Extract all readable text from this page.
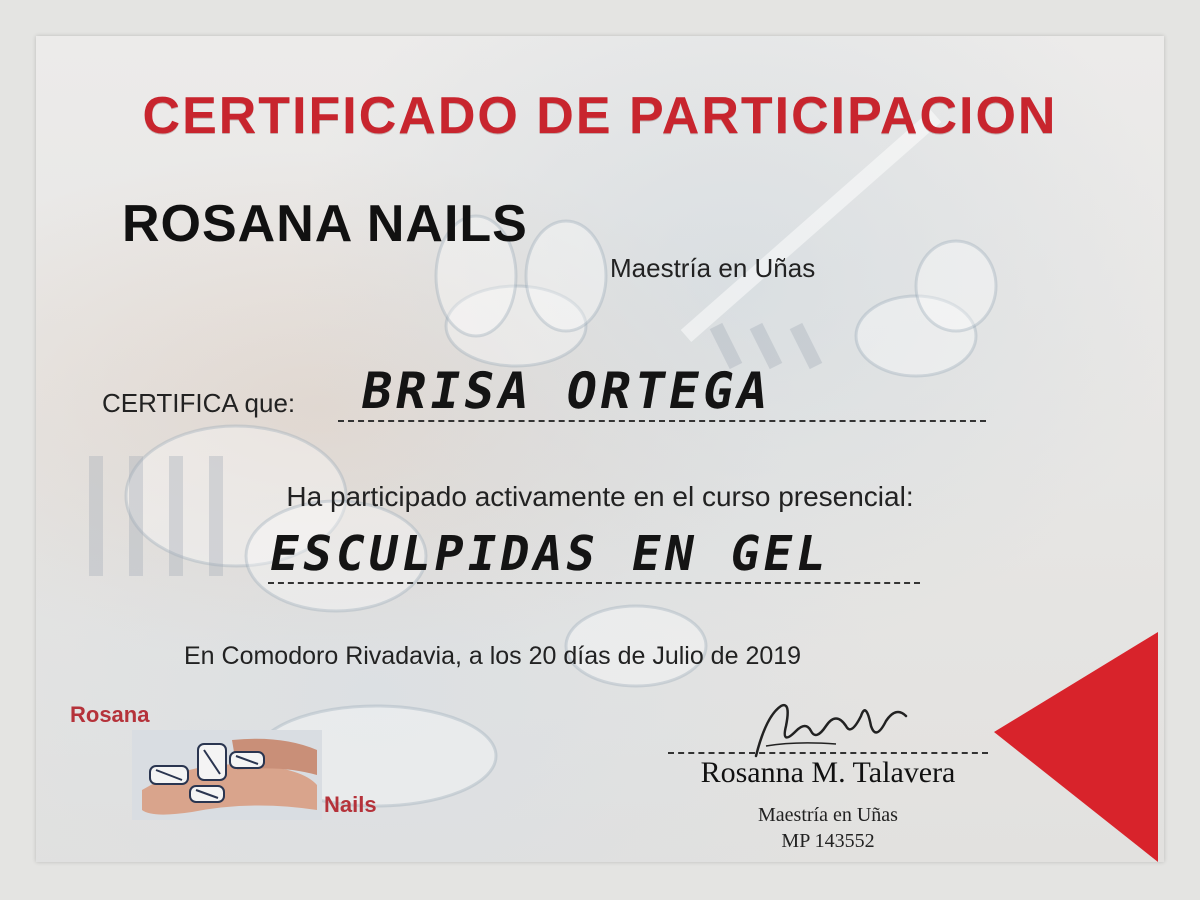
CERTIFICADO DE PARTICIPACION
ROSANA NAILS
Maestría en Uñas
CERTIFICA que: BRISA ORTEGA
Ha participado activamente en el curso presencial:
ESCULPIDAS EN GEL
En Comodoro Rivadavia, a los 20 días de Julio de 2019
Rosana
Nails
Rosanna M. Talavera
Maestría en Uñas
MP 143552
